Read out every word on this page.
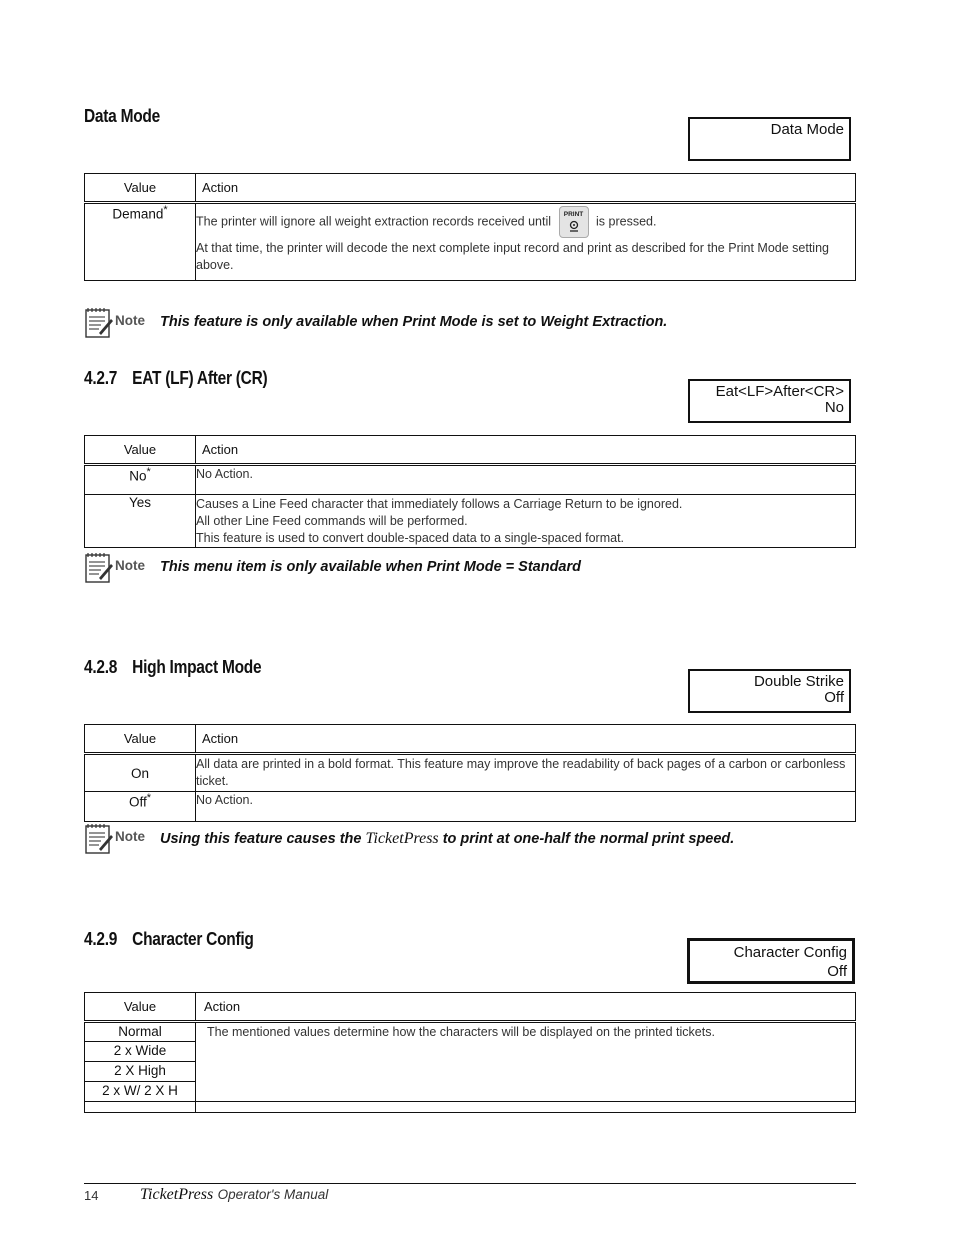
Data Mode
Data Mode
Value	Action
Demand*	The printer will ignore all weight extraction records received until PRINT is pressed.
At that time, the printer will decode the next complete input record and print as described for the Print Mode setting above.
Note This feature is only available when Print Mode is set to Weight Extraction.
4.2.7 EAT (LF) After (CR)
Eat<LF>After<CR>
No
Value	Action
No*	No Action.

Yes	Causes a Line Feed character that immediately follows a Carriage Return to be ignored.
All other Line Feed commands will be performed.
This feature is used to convert double-spaced data to a single-spaced format.
Note This menu item is only available when Print Mode = Standard
4.2.8 High Impact Mode
Double Strike
Off
Value	Action
On	All data are printed in a bold format. This feature may improve the readability of back pages of a carbon or carbonless ticket.

Off*	No Action.
Note Using this feature causes the TicketPress to print at one-half the normal print speed.
4.2.9 Character Config
Character Config
Off
Value	Action
Normal	The mentioned values determine how the characters will be displayed on the printed tickets.
2 x Wide	
2 X High	
2 x W/ 2 X H	

14	TicketPress Operator's Manual
